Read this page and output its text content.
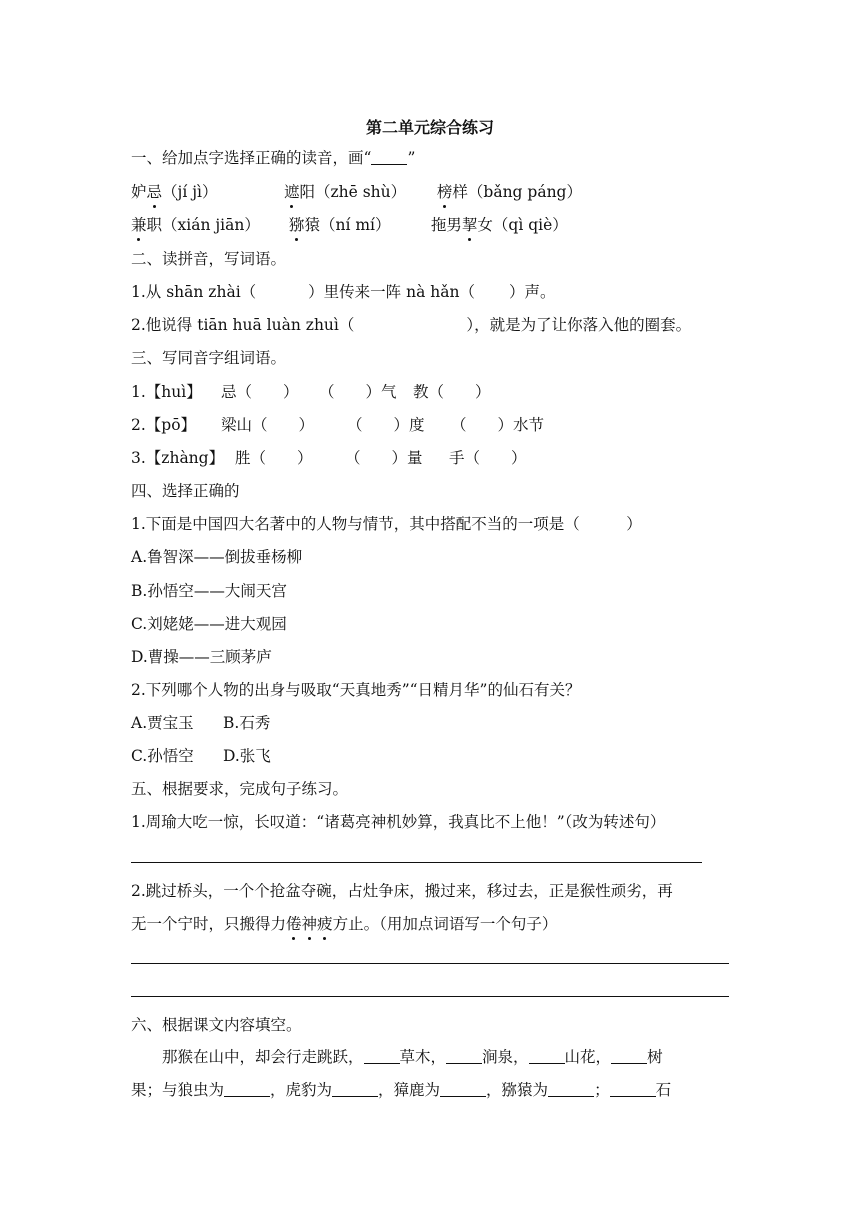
第二单元综合练习
一、给加点字选择正确的读音，画“ ”
妒忌（jí jì）	遮阳（zhē shù） 榜样（bǎng páng）
兼职（xián jiān） 猕猿（ní mí）	拖男挈女（qì qiè）
二、读拼音，写词语。
1.从 shān zhài（	）里传来一阵 nà hǎn（ ）声。
2.他说得 tiān huā luàn zhuì（	），就是为了让你落入他的圈套。
三、写同音字组词语。
1.【huì】 忌（　　） （　　）气 教（　　）
2.【pō】 梁山（　　） （　　）度 （　　）水节
3.【zhàng】 胜（　　） （　　）量 手（　　）
四、选择正确的
1.下面是中国四大名著中的人物与情节，其中搭配不当的一项是（　　　）
A.鲁智深——倒拔垂杨柳
B.孙悟空——大闹天宫
C.刘姥姥——进大观园
D.曹操——三顾茅庐
2.下列哪个人物的出身与吸取“天真地秀”“日精月华”的仙石有关？
A.贾宝玉 B.石秀
C.孙悟空 D.张飞
五、根据要求，完成句子练习。
1.周瑜大吃一惊，长叹道：“诸葛亮神机妙算，我真比不上他！”（改为转述句）
2.跳过桥头，一个个抢盆夺碗，占灶争床，搬过来，移过去，正是猴性顽劣，再
无一个宁时，只搬得力倦神疲方止。（用加点词语写一个句子）
六、根据课文内容填空。
那猴在山中，却会行走跳跃， 草木， 涧泉， 山花， 树
果；与狼虫为	，虎豹为	，獐鹿为	，猕猿为	；	石
